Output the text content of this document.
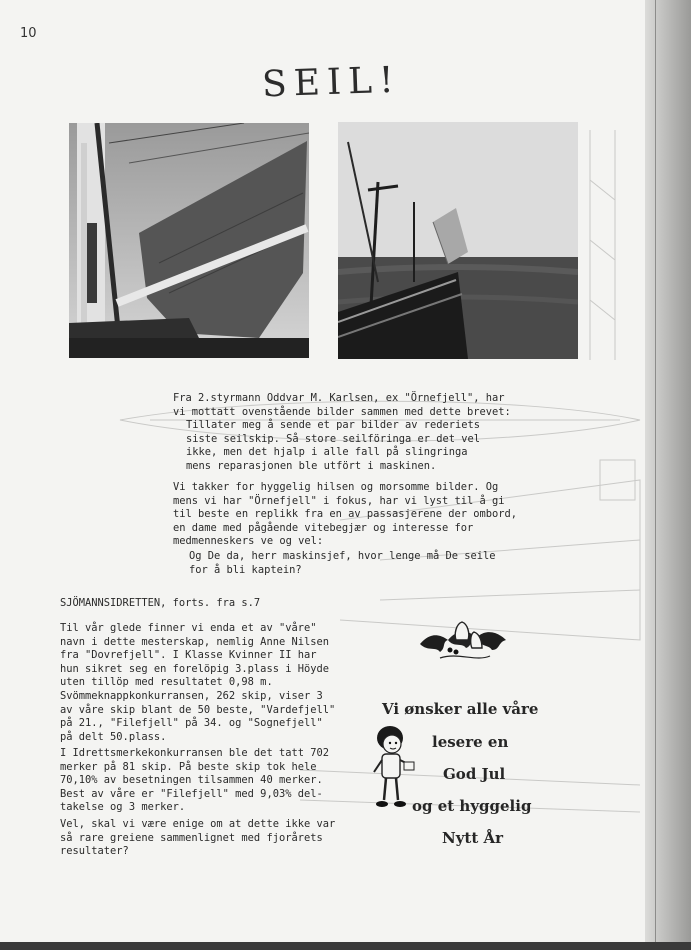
10
SEIL!
Fra 2.styrmann Oddvar M. Karlsen, ex "Örnefjell", har
vi mottatt ovenstående bilder sammen med dette brevet:
Tillater meg å sende et par bilder av rederiets
siste seilskip. Så store seilföringa er det vel
ikke, men det hjalp i alle fall på slingringa
mens reparasjonen ble utfört i maskinen.
Vi takker for hyggelig hilsen og morsomme bilder. Og
mens vi har "Örnefjell" i fokus, har vi lyst til å gi
til beste en replikk fra en av passasjerene der ombord,
en dame med pågående vitebegjær og interesse for
medmenneskers ve og vel:
Og De da, herr maskinsjef, hvor lenge må De seile
for å bli kaptein?
SJÖMANNSIDRETTEN, forts. fra s.7
Til vår glede finner vi enda et av "våre"
navn i dette mesterskap, nemlig Anne Nilsen
fra "Dovrefjell". I Klasse Kvinner II har
hun sikret seg en forelöpig 3.plass i Höyde
uten tillöp med resultatet 0,98 m.
Svömmeknappkonkurransen, 262 skip, viser 3
av våre skip blant de 50 beste, "Vardefjell"
på 21., "Filefjell" på 34. og "Sognefjell"
på delt 50.plass.
I Idrettsmerkekonkurransen ble det tatt 702
merker på 81 skip. På beste skip tok hele
70,10% av besetningen tilsammen 40 merker.
Best av våre er "Filefjell" med 9,03% del-
takelse og 3 merker.
Vel, skal vi være enige om at dette ikke var
så rare greiene sammenlignet med fjorårets
resultater?
Vi ønsker alle våre
lesere en
God Jul
og et hyggelig
Nytt År
